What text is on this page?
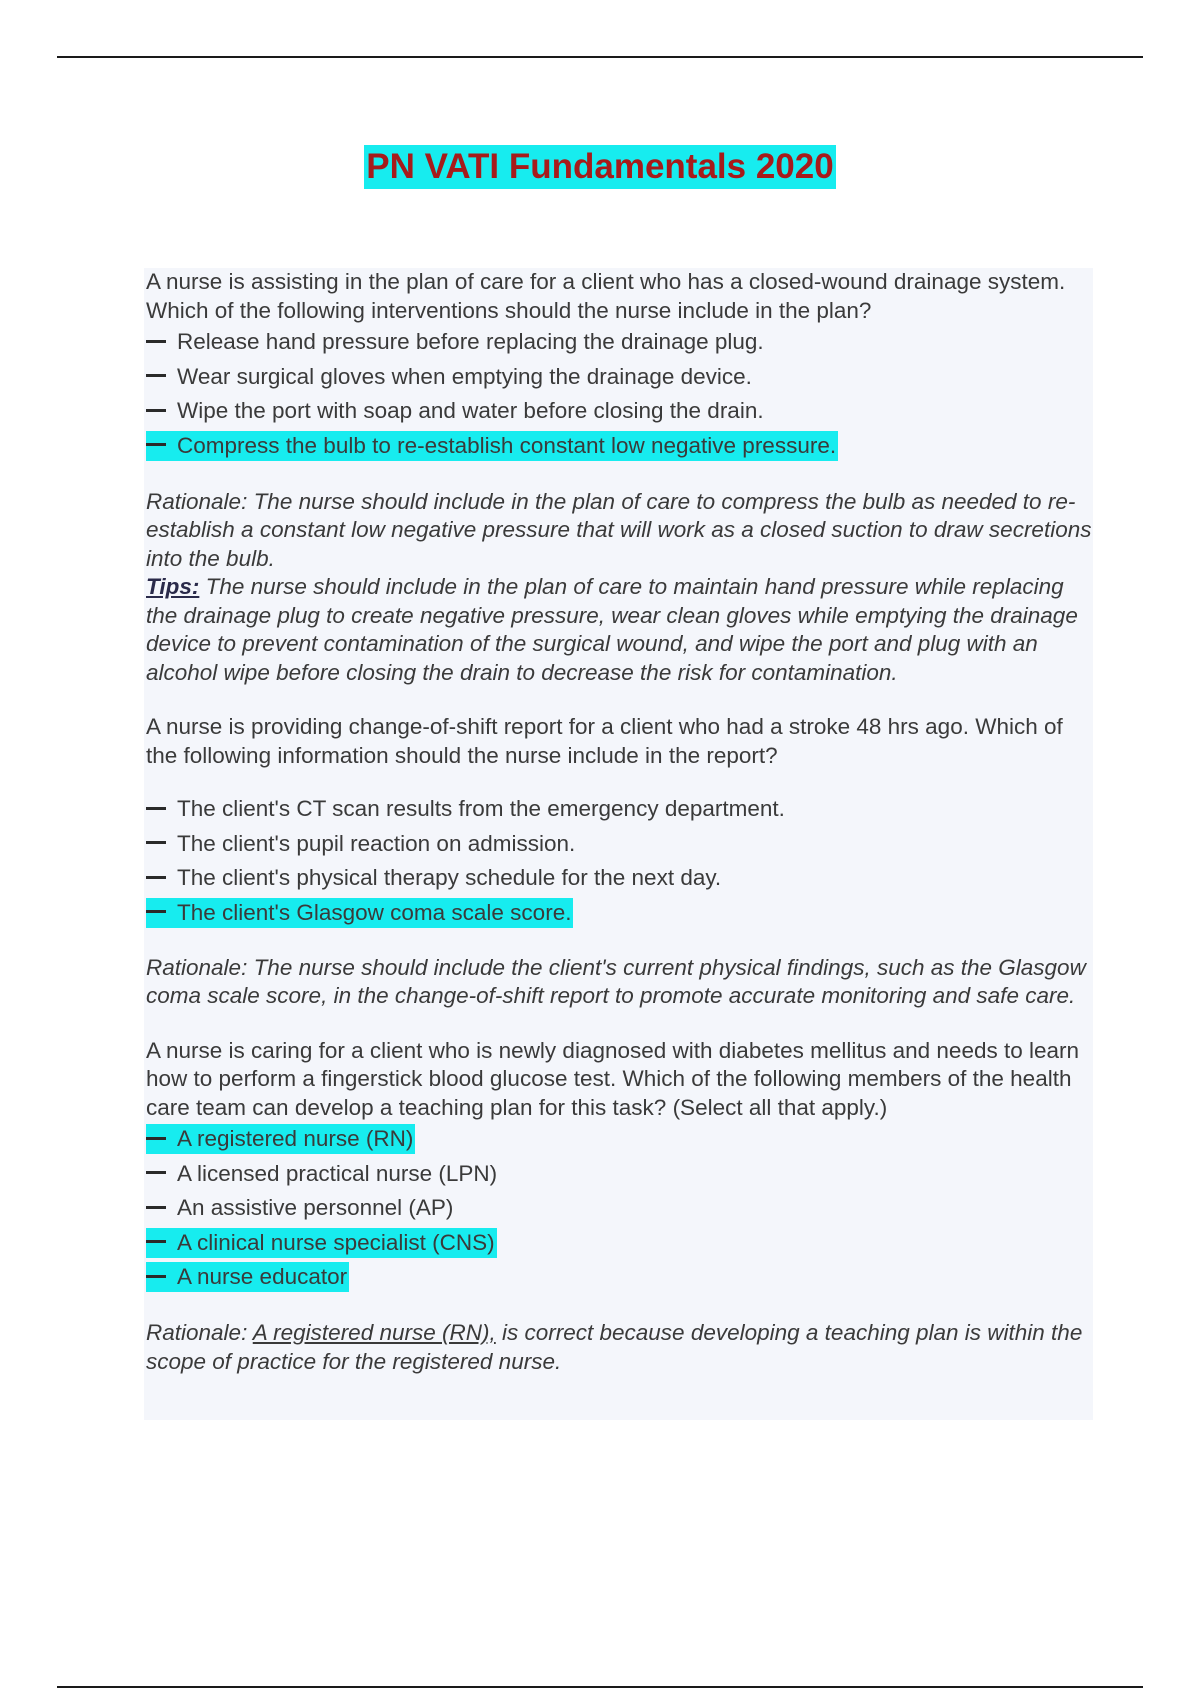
PN VATI Fundamentals 2020

A nurse is assisting in the plan of care for a client who has a closed-wound drainage system. Which of the following interventions should the nurse include in the plan?

Release hand pressure before replacing the drainage plug.
Wear surgical gloves when emptying the drainage device.
Wipe the port with soap and water before closing the drain.
Compress the bulb to re-establish constant low negative pressure.

Rationale: The nurse should include in the plan of care to compress the bulb as needed to re-establish a constant low negative pressure that will work as a closed suction to draw secretions into the bulb.

Tips: The nurse should include in the plan of care to maintain hand pressure while replacing the drainage plug to create negative pressure, wear clean gloves while emptying the drainage device to prevent contamination of the surgical wound, and wipe the port and plug with an alcohol wipe before closing the drain to decrease the risk for contamination.

A nurse is providing change-of-shift report for a client who had a stroke 48 hrs ago. Which of the following information should the nurse include in the report?

The client's CT scan results from the emergency department.
The client's pupil reaction on admission.
The client's physical therapy schedule for the next day.
The client's Glasgow coma scale score.

Rationale: The nurse should include the client's current physical findings, such as the Glasgow coma scale score, in the change-of-shift report to promote accurate monitoring and safe care.

A nurse is caring for a client who is newly diagnosed with diabetes mellitus and needs to learn how to perform a fingerstick blood glucose test. Which of the following members of the health care team can develop a teaching plan for this task? (Select all that apply.)

A registered nurse (RN)
A licensed practical nurse (LPN)
An assistive personnel (AP)
A clinical nurse specialist (CNS)
A nurse educator

Rationale: A registered nurse (RN), is correct because developing a teaching plan is within the scope of practice for the registered nurse.
